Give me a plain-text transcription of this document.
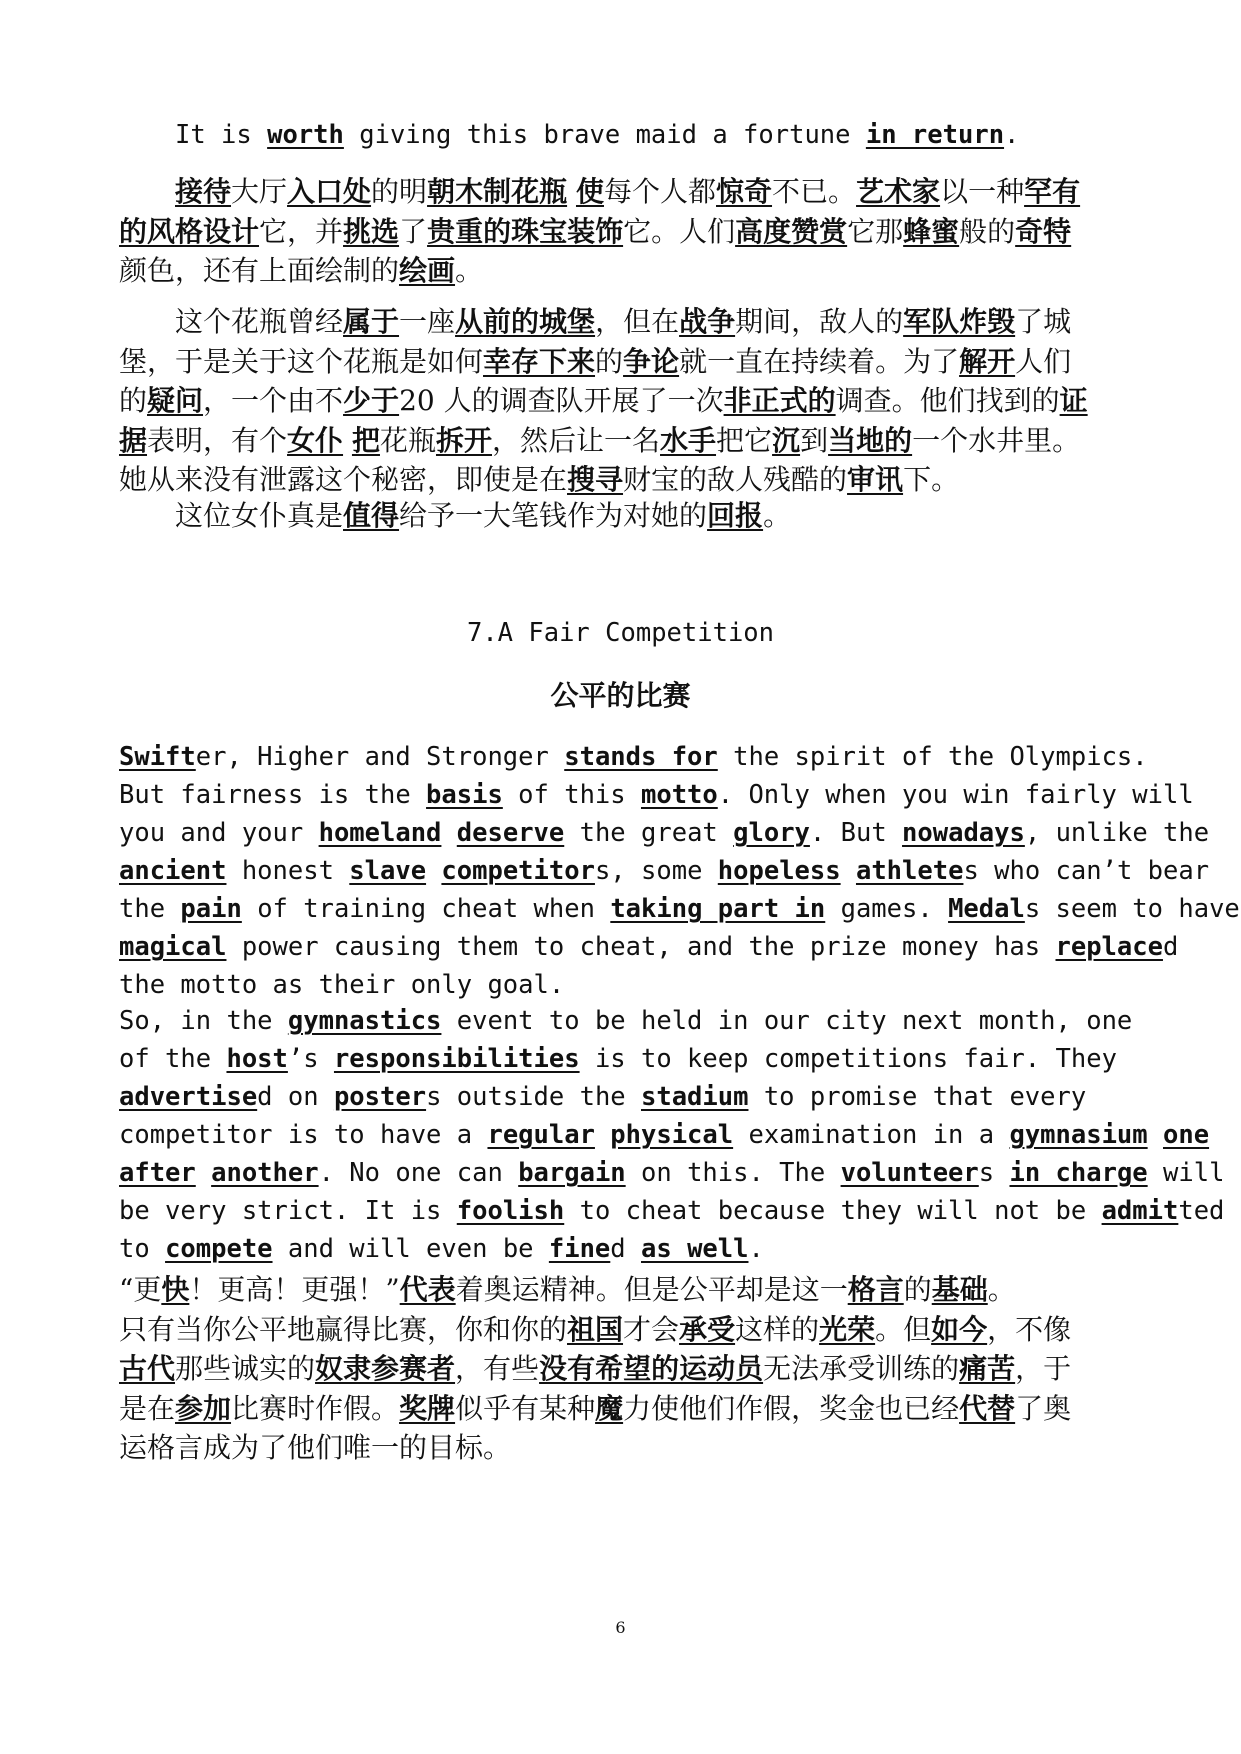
It is worth giving this brave maid a fortune in return.
接待大厅入口处的明朝木制花瓶 使每个人都惊奇不已。艺术家以一种罕有
的风格设计它，并挑选了贵重的珠宝装饰它。人们高度赞赏它那蜂蜜般的奇特
颜色，还有上面绘制的绘画。
这个花瓶曾经属于一座从前的城堡，但在战争期间，敌人的军队炸毁了城
堡，于是关于这个花瓶是如何幸存下来的争论就一直在持续着。为了解开人们
的疑问，一个由不少于20 人的调查队开展了一次非正式的调查。他们找到的证
据表明，有个女仆 把花瓶拆开，然后让一名水手把它沉到当地的一个水井里。
她从来没有泄露这个秘密，即使是在搜寻财宝的敌人残酷的审讯下。
这位女仆真是值得给予一大笔钱作为对她的回报。
7.A Fair Competition
公平的比赛
Swifter, Higher and Stronger stands for the spirit of the Olympics.
But fairness is the basis of this motto. Only when you win fairly will
you and your homeland deserve the great glory. But nowadays, unlike the
ancient honest slave competitors, some hopeless athletes who can’t bear
the pain of training cheat when taking part in games. Medals seem to have
magical power causing them to cheat, and the prize money has replaced
the motto as their only goal.
So, in the gymnastics event to be held in our city next month, one
of the host’s responsibilities is to keep competitions fair. They
advertised on posters outside the stadium to promise that every
competitor is to have a regular physical examination in a gymnasium one
after another. No one can bargain on this. The volunteers in charge will
be very strict. It is foolish to cheat because they will not be admitted
to compete and will even be fined as well.
“更快！更高！更强！”代表着奥运精神。但是公平却是这一格言的基础。
只有当你公平地赢得比赛，你和你的祖国才会承受这样的光荣。但如今，不像
古代那些诚实的奴隶参赛者，有些没有希望的运动员无法承受训练的痛苦，于
是在参加比赛时作假。奖牌似乎有某种魔力使他们作假，奖金也已经代替了奥
运格言成为了他们唯一的目标。
6
